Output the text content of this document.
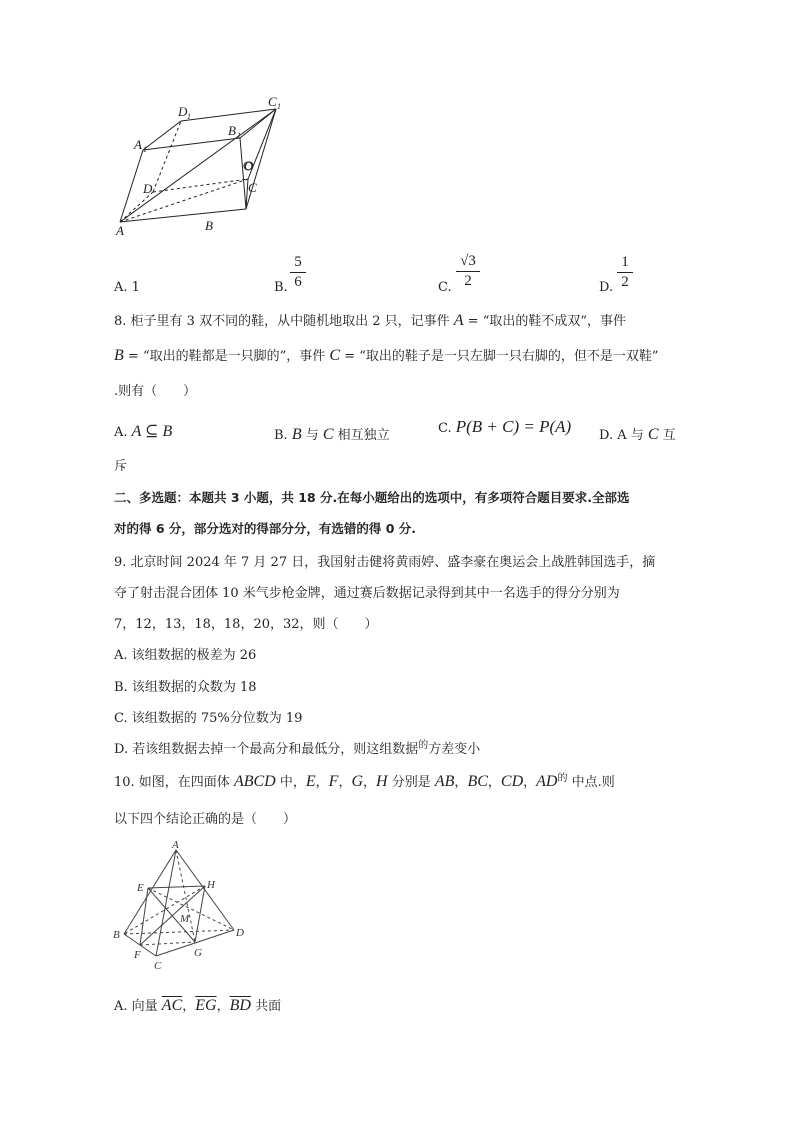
D 1
C 1
B 1
A 1
O
D	C
B
A
A. 1	B.
5
6	C.
√3
2	D.
1
2
8. 柜子里有 3 双不同的鞋，从中随机地取出 2 只，记事件 A = “取出的鞋不成双”，事件
B = “取出的鞋都是一只脚的”，事件 C = “取出的鞋子是一只左脚一只右脚的，但不是一双鞋”
.则有（　　）
A. A ⊆ B	B. B 与 C 相互独立	C. P(B + C) = P(A) D. A 与 C 互
斥
二、多选题：本题共 3 小题，共 18 分.在每小题给出的选项中，有多项符合题目要求.全部选
对的得 6 分，部分选对的得部分分，有选错的得 0 分.
9. 北京时间 2024 年 7 月 27 日，我国射击健将黄雨婷、盛李豪在奥运会上战胜韩国选手，摘
夺了射击混合团体 10 米气步枪金牌，通过赛后数据记录得到其中一名选手的得分分别为
7，12，13，18，18，20，32，则（　　）
A. 该组数据的极差为 26
B. 该组数据的众数为 18
C. 该组数据的 75%分位数为 19
D. 若该组数据去掉一个最高分和最低分，则这组数据$^的$方差变小
10. 如图，在四面体 ABCD 中，E，F，G，H 分别是 AB，BC，CD，$AD^的$ 中点.则
以下四个结论正确的是（　　）
A
E	H
M
B	D
F	G
C
A. 向量 $\overline{AC}$，$\overline{EG}$，$\overline{BD}$ 共面
